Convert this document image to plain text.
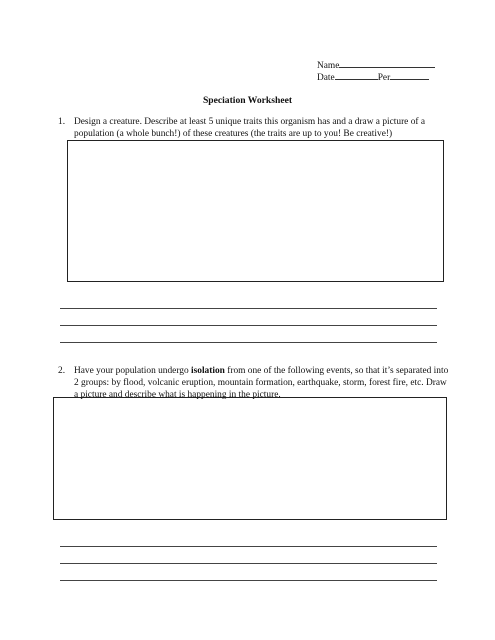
Name
Date	Per
Speciation Worksheet
1. Design a creature. Describe at least 5 unique traits this organism has and a draw a picture of a population (a whole bunch!) of these creatures (the traits are up to you! Be creative!)
2. Have your population undergo isolation from one of the following events, so that it’s separated into 2 groups: by flood, volcanic eruption, mountain formation, earthquake, storm, forest fire, etc. Draw a picture and describe what is happening in the picture.
